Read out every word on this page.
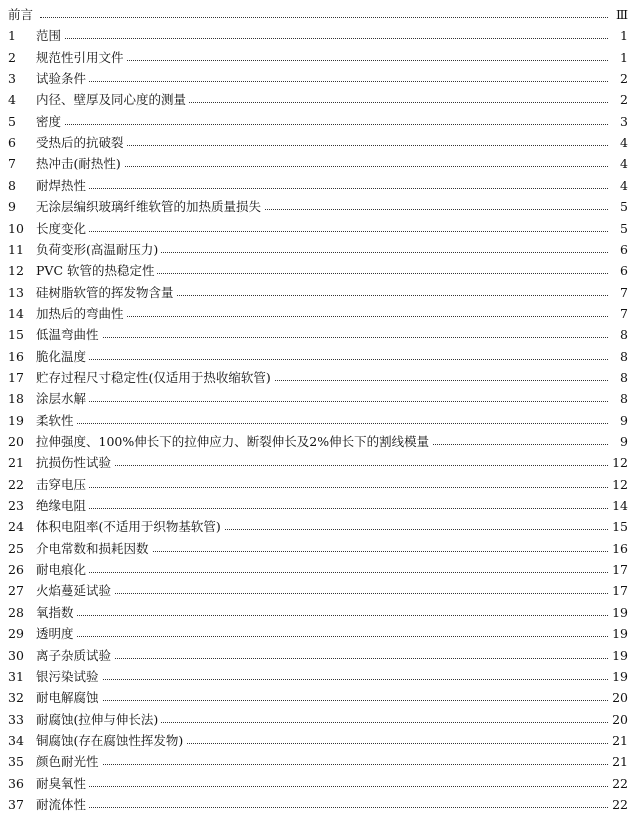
前言	Ⅲ
1	范围	1
2	规范性引用文件	1
3	试验条件	2
4	内径、壁厚及同心度的测量	2
5	密度	3
6	受热后的抗破裂	4
7	热冲击(耐热性)	4
8	耐焊热性	4
9	无涂层编织玻璃纤维软管的加热质量损失	5
10 长度变化	5
11 负荷变形(高温耐压力)	6
12 PVC 软管的热稳定性	6
13 硅树脂软管的挥发物含量	7
14 加热后的弯曲性	7
15 低温弯曲性	8
16 脆化温度	8
17 贮存过程尺寸稳定性(仅适用于热收缩软管)	8
18 涂层水解	8
19 柔软性	9
20 拉伸强度、100%伸长下的拉伸应力、断裂伸长及2%伸长下的割线模量	9
21 抗损伤性试验	12
22 击穿电压	12
23 绝缘电阻	14
24 体积电阻率(不适用于织物基软管)	15
25 介电常数和损耗因数	16
26 耐电痕化	17
27 火焰蔓延试验	17
28 氧指数	19
29 透明度	19
30 离子杂质试验	19
31 银污染试验	19
32 耐电解腐蚀	20
33 耐腐蚀(拉伸与伸长法)	20
34 铜腐蚀(存在腐蚀性挥发物)	21
35 颜色耐光性	21
36 耐臭氧性	22
37 耐流体性	22
